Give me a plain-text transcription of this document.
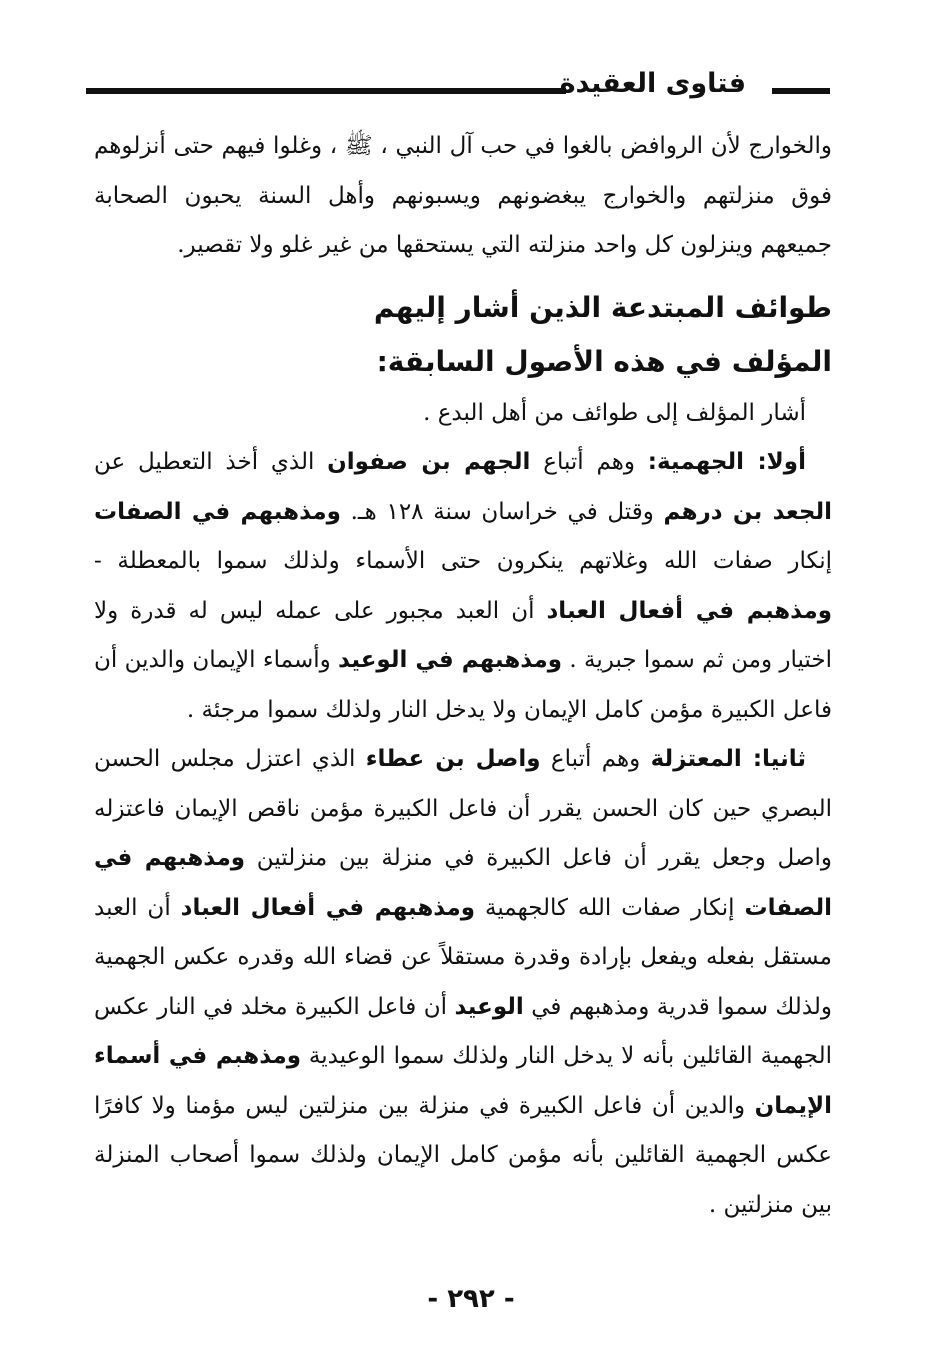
فتاوى العقيدة

والخوارج لأن الروافض بالغوا في حب آل النبي ، ﷺ ، وغلوا فيهم حتى أنزلوهم فوق منزلتهم والخوارج يبغضونهم ويسبونهم وأهل السنة يحبون الصحابة جميعهم وينزلون كل واحد منزلته التي يستحقها من غير غلو ولا تقصير.

طوائف المبتدعة الذين أشار إليهم
المؤلف في هذه الأصول السابقة:

أشار المؤلف إلى طوائف من أهل البدع .

أولا: الجهمية: وهم أتباع الجهم بن صفوان الذي أخذ التعطيل عن الجعد بن درهم وقتل في خراسان سنة ١٢٨ هـ. ومذهبهم في الصفات إنكار صفات الله وغلاتهم ينكرون حتى الأسماء ولذلك سموا بالمعطلة - ومذهبم في أفعال العباد أن العبد مجبور على عمله ليس له قدرة ولا اختيار ومن ثم سموا جبرية . ومذهبهم في الوعيد وأسماء الإيمان والدين أن فاعل الكبيرة مؤمن كامل الإيمان ولا يدخل النار ولذلك سموا مرجئة .

ثانيا: المعتزلة وهم أتباع واصل بن عطاء الذي اعتزل مجلس الحسن البصري حين كان الحسن يقرر أن فاعل الكبيرة مؤمن ناقص الإيمان فاعتزله واصل وجعل يقرر أن فاعل الكبيرة في منزلة بين منزلتين ومذهبهم في الصفات إنكار صفات الله كالجهمية ومذهبهم في أفعال العباد أن العبد مستقل بفعله ويفعل بإرادة وقدرة مستقلاً عن قضاء الله وقدره عكس الجهمية ولذلك سموا قدرية ومذهبهم في الوعيد أن فاعل الكبيرة مخلد في النار عكس الجهمية القائلين بأنه لا يدخل النار ولذلك سموا الوعيدية ومذهبم في أسماء الإيمان والدين أن فاعل الكبيرة في منزلة بين منزلتين ليس مؤمنا ولا كافرًا عكس الجهمية القائلين بأنه مؤمن كامل الإيمان ولذلك سموا أصحاب المنزلة بين منزلتين .

- ٢٩٢ -
